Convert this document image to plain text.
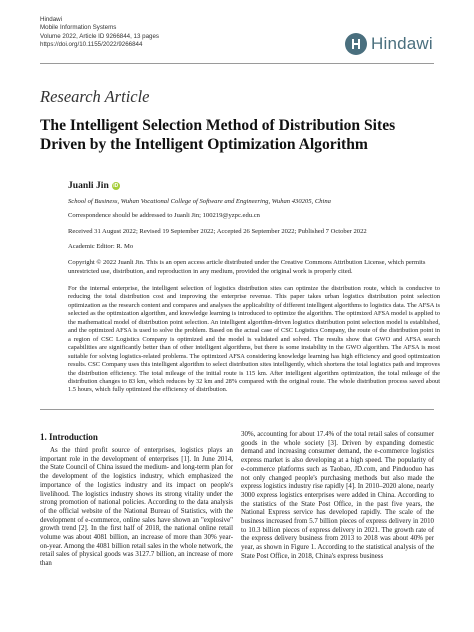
Hindawi
Mobile Information Systems
Volume 2022, Article ID 9266844, 13 pages
https://doi.org/10.1155/2022/9266844	Hindawi
Research Article
The Intelligent Selection Method of Distribution Sites Driven by the Intelligent Optimization Algorithm
Juanli Jin iD
School of Business, Wuhan Vocational College of Software and Engineering, Wuhan 430205, China
Correspondence should be addressed to Juanli Jin; 100219@yzpc.edu.cn
Received 31 August 2022; Revised 19 September 2022; Accepted 26 September 2022; Published 7 October 2022
Academic Editor: R. Mo
Copyright © 2022 Juanli Jin. This is an open access article distributed under the Creative Commons Attribution License, which permits unrestricted use, distribution, and reproduction in any medium, provided the original work is properly cited.
For the internal enterprise, the intelligent selection of logistics distribution sites can optimize the distribution route, which is conducive to reducing the total distribution cost and improving the enterprise revenue. This paper takes urban logistics distribution point selection optimization as the research content and compares and analyses the applicability of different intelligent algorithms to logistics data. The AFSA is selected as the optimization algorithm, and knowledge learning is introduced to optimize the algorithm. The optimized AFSA model is applied to the mathematical model of distribution point selection. An intelligent algorithm-driven logistics distribution point selection model is established, and the optimized AFSA is used to solve the problem. Based on the actual case of CSC Logistics Company, the route of the distribution point in a region of CSC Logistics Company is optimized and the model is validated and solved. The results show that GWO and AFSA search capabilities are significantly better than of other intelligent algorithms, but there is some instability in the GWO algorithm. The AFSA is most suitable for solving logistics-related problems. The optimized AFSA considering knowledge learning has high efficiency and good optimization results. CSC Company uses this intelligent algorithm to select distribution sites intelligently, which shortens the total logistics path and improves the distribution efficiency. The total mileage of the initial route is 115 km. After intelligent algorithm optimization, the total mileage of the distribution changes to 83 km, which reduces by 32 km and 28% compared with the original route. The whole distribution process saved about 1.5 hours, which fully optimized the efficiency of distribution.
1. Introduction
As the third profit source of enterprises, logistics plays an important role in the development of enterprises [1]. In June 2014, the State Council of China issued the medium- and long-term plan for the development of the logistics industry, which emphasized the importance of the logistics industry and its impact on people's livelihood. The logistics industry shows its strong vitality under the strong promotion of national policies. According to the data analysis of the official website of the National Bureau of Statistics, with the development of e-commerce, online sales have shown an "explosive" growth trend [2]. In the first half of 2018, the national online retail volume was about 4081 billion, an increase of more than 30% year-on-year. Among the 4081 billion retail sales in the whole network, the retail sales of physical goods was 3127.7 billion, an increase of more than
30%, accounting for about 17.4% of the total retail sales of consumer goods in the whole society [3]. Driven by expanding domestic demand and increasing consumer demand, the e-commerce logistics express market is also developing at a high speed. The popularity of e-commerce platforms such as Taobao, JD.com, and Pinduoduo has not only changed people's purchasing methods but also made the express logistics industry rise rapidly [4]. In 2010–2020 alone, nearly 3000 express logistics enterprises were added in China. According to the statistics of the State Post Office, in the past five years, the National Express service has developed rapidly. The scale of the business increased from 5.7 billion pieces of express delivery in 2010 to 10.3 billion pieces of express delivery in 2021. The growth rate of the express delivery business from 2013 to 2018 was about 40% per year, as shown in Figure 1. According to the statistical analysis of the State Post Office, in 2018, China's express business
